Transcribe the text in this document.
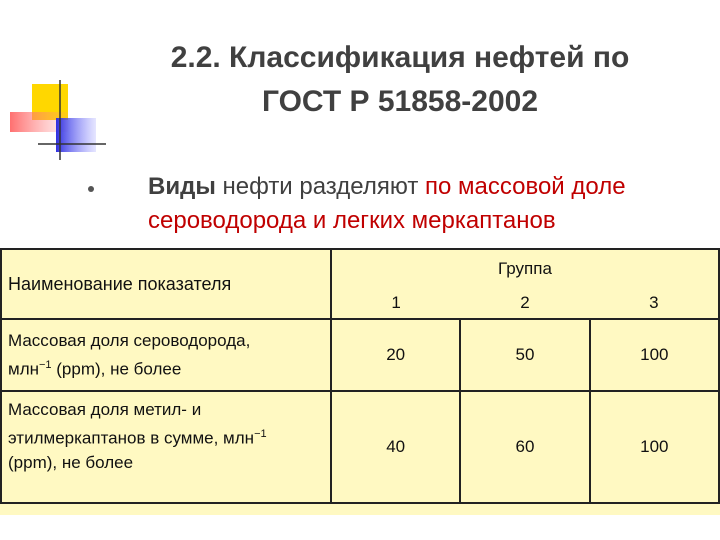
2.2. Классификация нефтей по
ГОСТ Р 51858-2002
Виды нефти разделяют по массовой доле
сероводорода и легких меркаптанов
Наименование показателя	Группа		
	1	2	3
Массовая доля сероводорода,
млн$^{-1}$ (ppm), не более	20	50	100
Массовая доля метил- и
этилмеркаптанов в сумме, млн$^{-1}$
(ppm), не более	40	60	100
